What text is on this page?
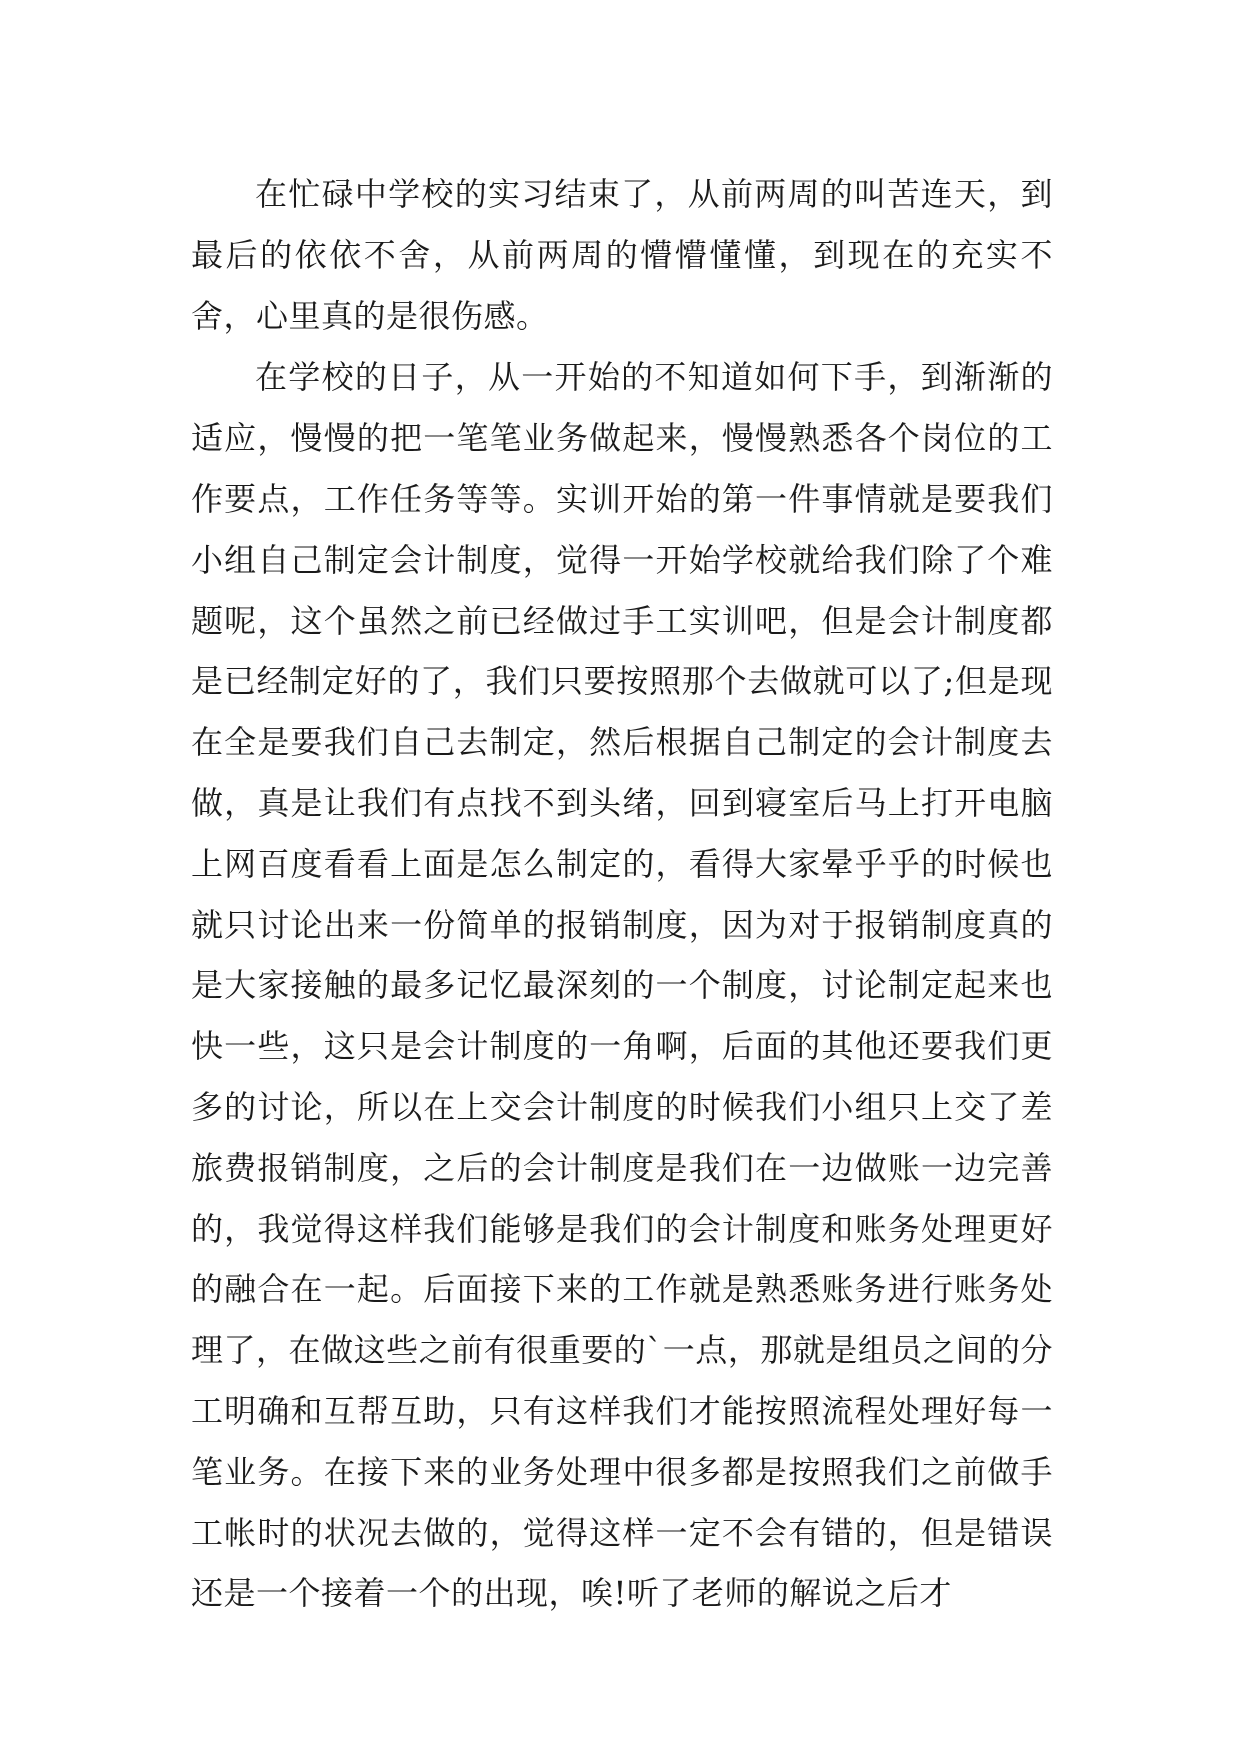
在忙碌中学校的实习结束了，从前两周的叫苦连天，到最后的依依不舍，从前两周的懵懵懂懂，到现在的充实不舍，心里真的是很伤感。

在学校的日子，从一开始的不知道如何下手，到渐渐的适应，慢慢的把一笔笔业务做起来，慢慢熟悉各个岗位的工作要点，工作任务等等。实训开始的第一件事情就是要我们小组自己制定会计制度，觉得一开始学校就给我们除了个难题呢，这个虽然之前已经做过手工实训吧，但是会计制度都是已经制定好的了，我们只要按照那个去做就可以了;但是现在全是要我们自己去制定，然后根据自己制定的会计制度去做，真是让我们有点找不到头绪，回到寝室后马上打开电脑上网百度看看上面是怎么制定的，看得大家晕乎乎的时候也就只讨论出来一份简单的报销制度，因为对于报销制度真的是大家接触的最多记忆最深刻的一个制度，讨论制定起来也快一些，这只是会计制度的一角啊，后面的其他还要我们更多的讨论，所以在上交会计制度的时候我们小组只上交了差旅费报销制度，之后的会计制度是我们在一边做账一边完善的，我觉得这样我们能够是我们的会计制度和账务处理更好的融合在一起。后面接下来的工作就是熟悉账务进行账务处理了，在做这些之前有很重要的`一点，那就是组员之间的分工明确和互帮互助，只有这样我们才能按照流程处理好每一笔业务。在接下来的业务处理中很多都是按照我们之前做手工帐时的状况去做的，觉得这样一定不会有错的，但是错误还是一个接着一个的出现，唉!听了老师的解说之后才
